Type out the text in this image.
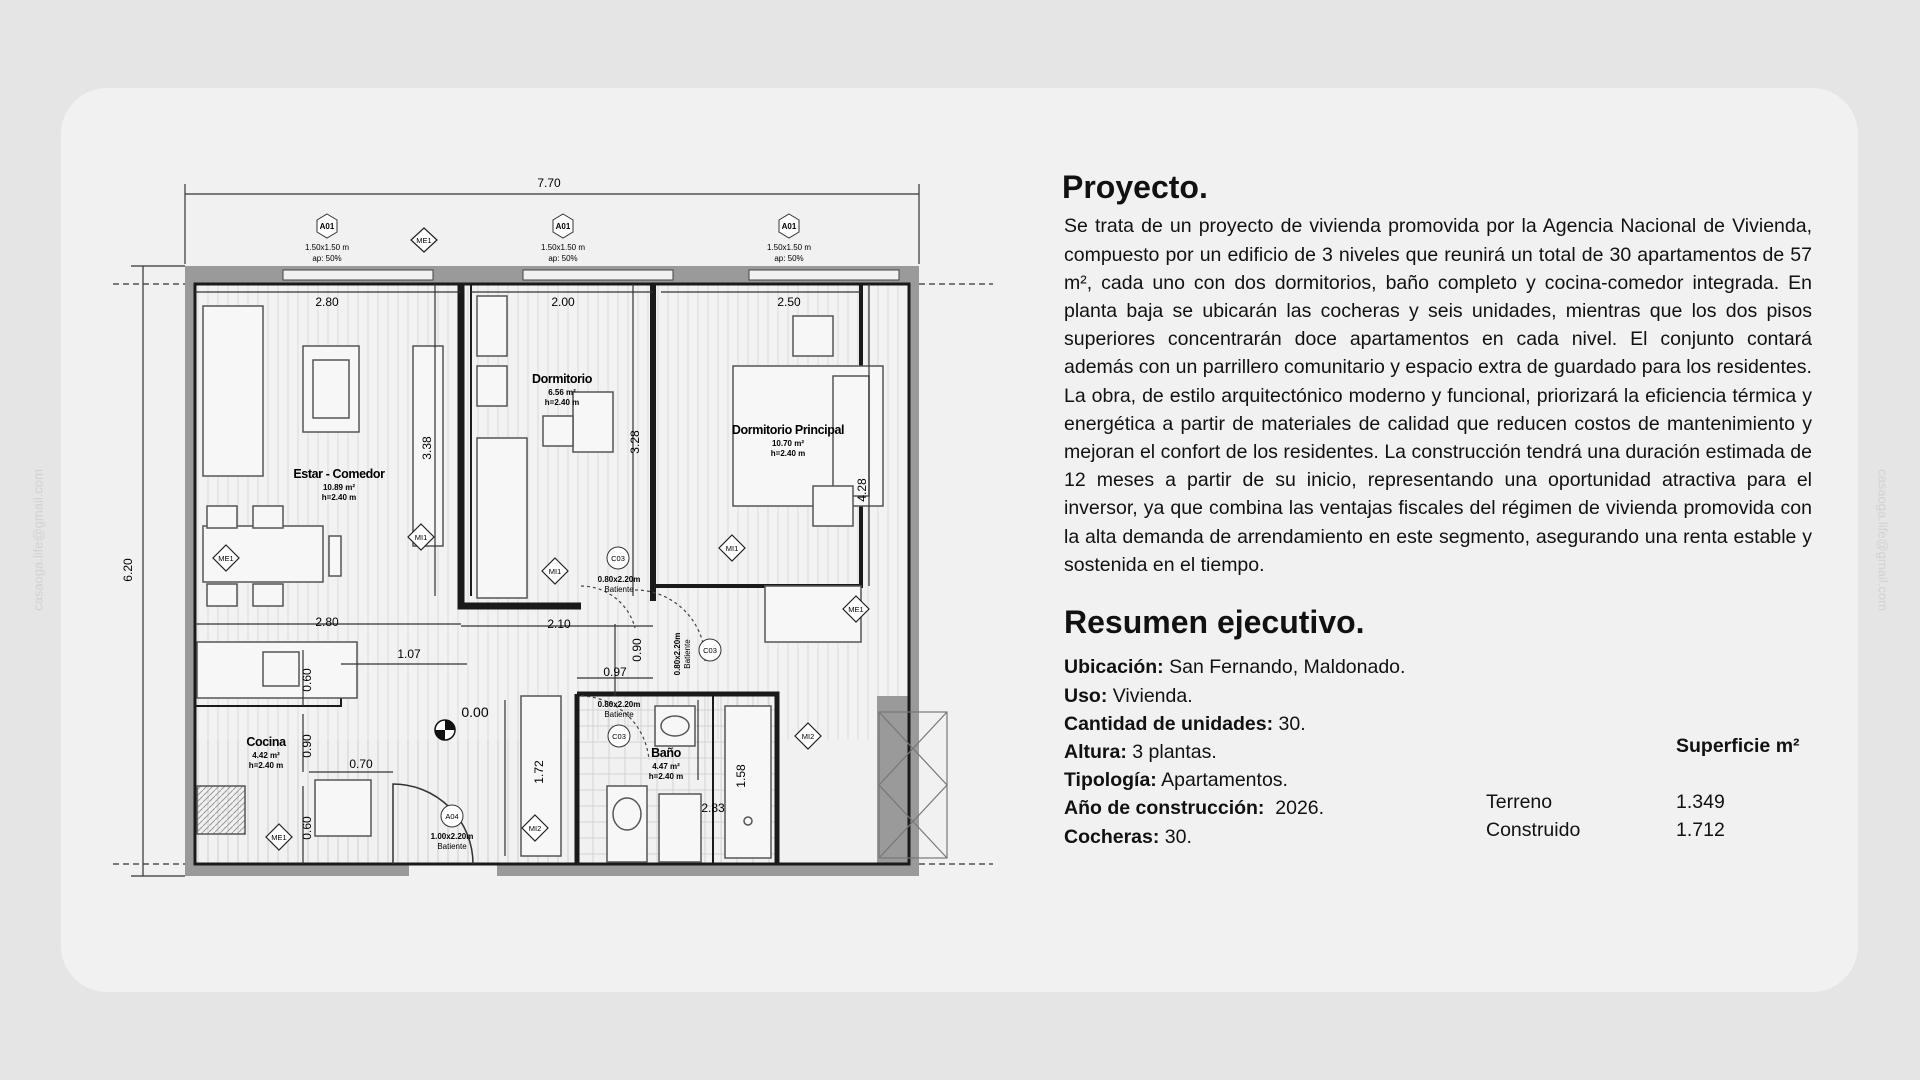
casaoga.life@gmail.com	casaoga.life@gmail.com
A01
1.50x1.50 m
ap: 50%
A01
1.50x1.50 m
ap: 50%
A01
1.50x1.50 m
ap: 50%
ME1
ME1
MI1
MI1
MI1
ME1
ME1
MI2
MI2
C03
C03
C03
A04
0.80x2.20m
Batiente
0.80x2.20m Batiente
0.80x2.20m
Batiente
1.00x2.20m
Batiente
Estar - Comedor
10.89 m²
h=2.40 m
Dormitorio
6.56 m²
h=2.40 m
Dormitorio Principal
10.70 m²
h=2.40 m
Cocina
4.42 m²
h=2.40 m
Baño
4.47 m²
h=2.40 m
7.70
6.20
2.80	2.00	2.50
3.38	3.28
4.28
2.80	2.10
1.07	0.90
0.97
0.60
0.90
0.70
0.60
1.72	1.58
2.83
0.00
Proyecto.

Se trata de un proyecto de vivienda promovida por la Agencia Nacional de Vivienda, compuesto por un edificio de 3 niveles que reunirá un total de 30 apartamentos de 57 m², cada uno con dos dormitorios, baño completo y cocina-comedor integrada. En planta baja se ubicarán las cocheras y seis unidades, mientras que los dos pisos superiores concentrarán doce apartamentos en cada nivel. El conjunto contará además con un parrillero comunitario y espacio extra de guardado para los residentes.

La obra, de estilo arquitectónico moderno y funcional, priorizará la eficiencia térmica y energética a partir de materiales de calidad que reducen costos de mantenimiento y mejoran el confort de los residentes. La construcción tendrá una duración estimada de 12 meses a partir de su inicio, representando una oportunidad atractiva para el inversor, ya que combina las ventajas fiscales del régimen de vivienda promovida con la alta demanda de arrendamiento en este segmento, asegurando una renta estable y sostenida en el tiempo.

Resumen ejecutivo.
Ubicación: San Fernando, Maldonado.
Uso: Vivienda.
Cantidad de unidades: 30.
Altura: 3 plantas.
Tipología: Apartamentos.
Año de construcción:  2026.
Cocheras: 30.
Superficie m²
Terreno	1.349
Construido	1.712
